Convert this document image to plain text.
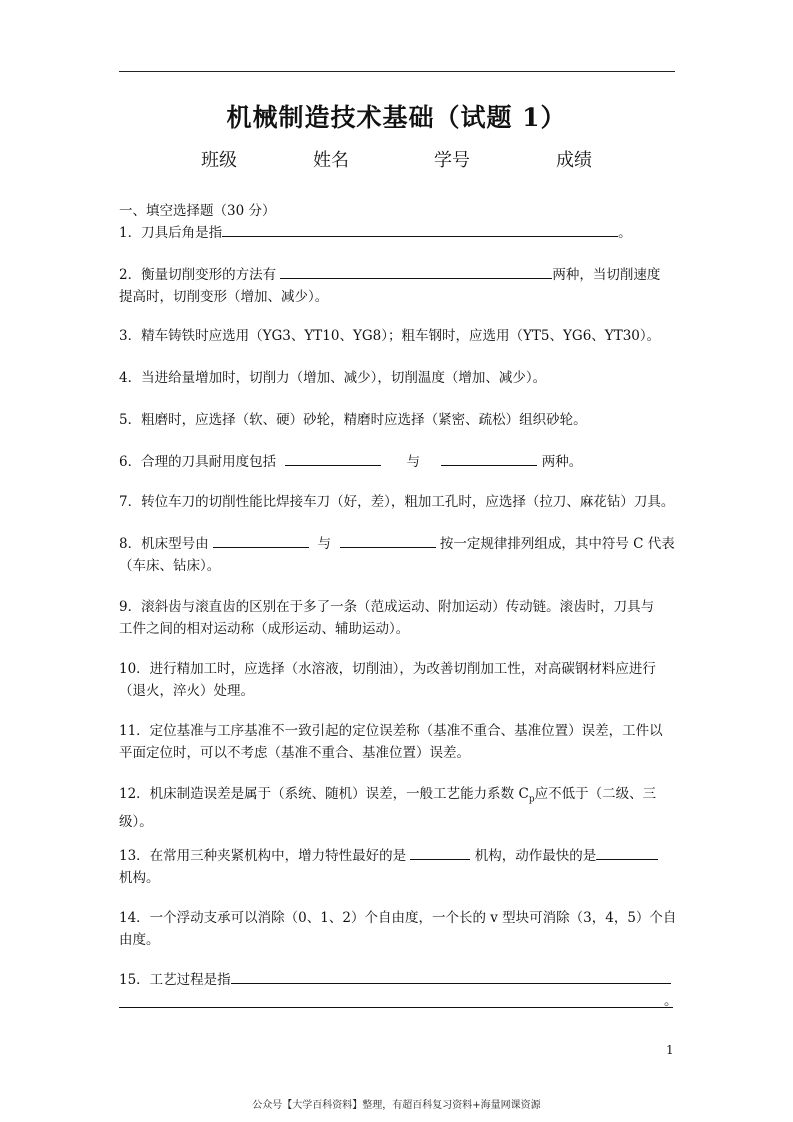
机械制造技术基础（试题 1）
班级	姓名	学号	成绩
一、填空选择题（30 分）
1．刀具后角是指	。
2．衡量切削变形的方法有	两种，当切削速度
提高时，切削变形（增加、减少）。
3．精车铸铁时应选用（YG3、YT10、YG8）；粗车钢时，应选用（YT5、YG6、YT30）。
4．当进给量增加时，切削力（增加、减少），切削温度（增加、减少）。
5．粗磨时，应选择（软、硬）砂轮，精磨时应选择（紧密、疏松）组织砂轮。
6．合理的刀具耐用度包括	与	两种。
7．转位车刀的切削性能比焊接车刀（好，差），粗加工孔时，应选择（拉刀、麻花钻）刀具。
8．机床型号由	与	按一定规律排列组成，其中符号 C 代表
（车床、钻床）。
9．滚斜齿与滚直齿的区别在于多了一条（范成运动、附加运动）传动链。滚齿时，刀具与
工件之间的相对运动称（成形运动、辅助运动）。
10．进行精加工时，应选择（水溶液，切削油），为改善切削加工性，对高碳钢材料应进行
（退火，淬火）处理。
11．定位基准与工序基准不一致引起的定位误差称（基准不重合、基准位置）误差，工件以
平面定位时，可以不考虑（基准不重合、基准位置）误差。
12．机床制造误差是属于（系统、随机）误差，一般工艺能力系数 $C_p$应不低于（二级、三
级）。
13．在常用三种夹紧机构中，增力特性最好的是	机构，动作最快的是
机构。
14．一个浮动支承可以消除（0、1、2）个自由度，一个长的 v 型块可消除（3，4，5）个自
由度。
15．工艺过程是指
。
1
公众号【大学百科资料】整理，有超百科复习资料+海量网课资源
